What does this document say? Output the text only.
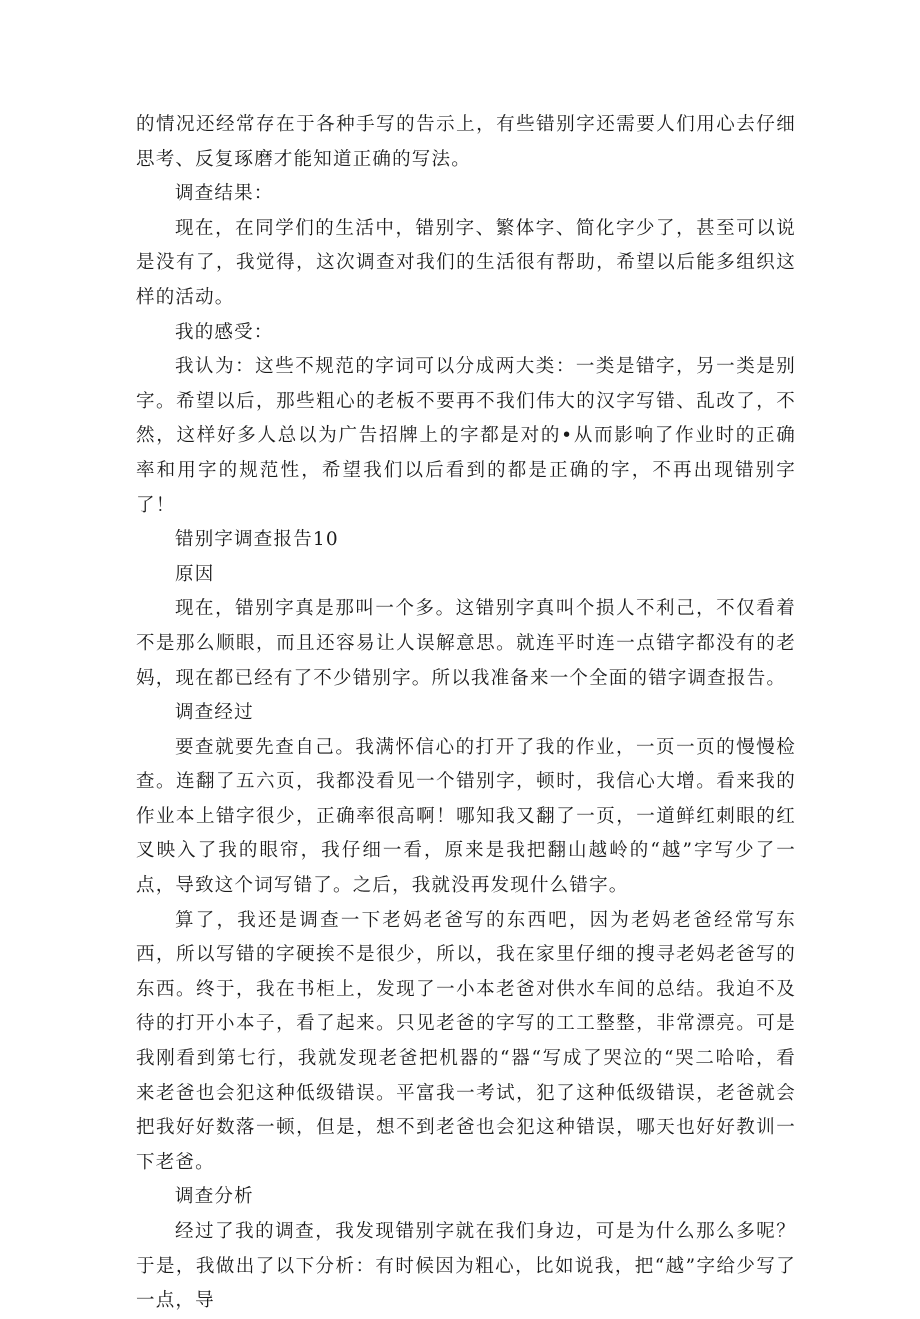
的情况还经常存在于各种手写的告示上，有些错别字还需要人们用心去仔细思考、反复琢磨才能知道正确的写法。

调查结果：

现在，在同学们的生活中，错别字、繁体字、简化字少了，甚至可以说是没有了，我觉得，这次调查对我们的生活很有帮助，希望以后能多组织这样的活动。

我的感受：

我认为：这些不规范的字词可以分成两大类：一类是错字，另一类是别字。希望以后，那些粗心的老板不要再不我们伟大的汉字写错、乱改了，不然，这样好多人总以为广告招牌上的字都是对的•从而影响了作业时的正确率和用字的规范性，希望我们以后看到的都是正确的字，不再出现错别字了！

错别字调查报告10

原因

现在，错别字真是那叫一个多。这错别字真叫个损人不利己，不仅看着不是那么顺眼，而且还容易让人误解意思。就连平时连一点错字都没有的老妈，现在都已经有了不少错别字。所以我准备来一个全面的错字调查报告。

调查经过

要查就要先查自己。我满怀信心的打开了我的作业，一页一页的慢慢检查。连翻了五六页，我都没看见一个错别字，顿时，我信心大增。看来我的作业本上错字很少，正确率很高啊！哪知我又翻了一页，一道鲜红刺眼的红叉映入了我的眼帘，我仔细一看，原来是我把翻山越岭的“越”字写少了一点，导致这个词写错了。之后，我就没再发现什么错字。

算了，我还是调查一下老妈老爸写的东西吧，因为老妈老爸经常写东西，所以写错的字硬挨不是很少，所以，我在家里仔细的搜寻老妈老爸写的东西。终于，我在书柜上，发现了一小本老爸对供水车间的总结。我迫不及待的打开小本子，看了起来。只见老爸的字写的工工整整，非常漂亮。可是我刚看到第七行，我就发现老爸把机器的“器“写成了哭泣的“哭二哈哈，看来老爸也会犯这种低级错误。平富我一考试，犯了这种低级错误，老爸就会把我好好数落一顿，但是，想不到老爸也会犯这种错误，哪天也好好教训一下老爸。

调查分析

经过了我的调查，我发现错别字就在我们身边，可是为什么那么多呢？于是，我做出了以下分析：有时候因为粗心，比如说我，把“越”字给少写了一点，导
